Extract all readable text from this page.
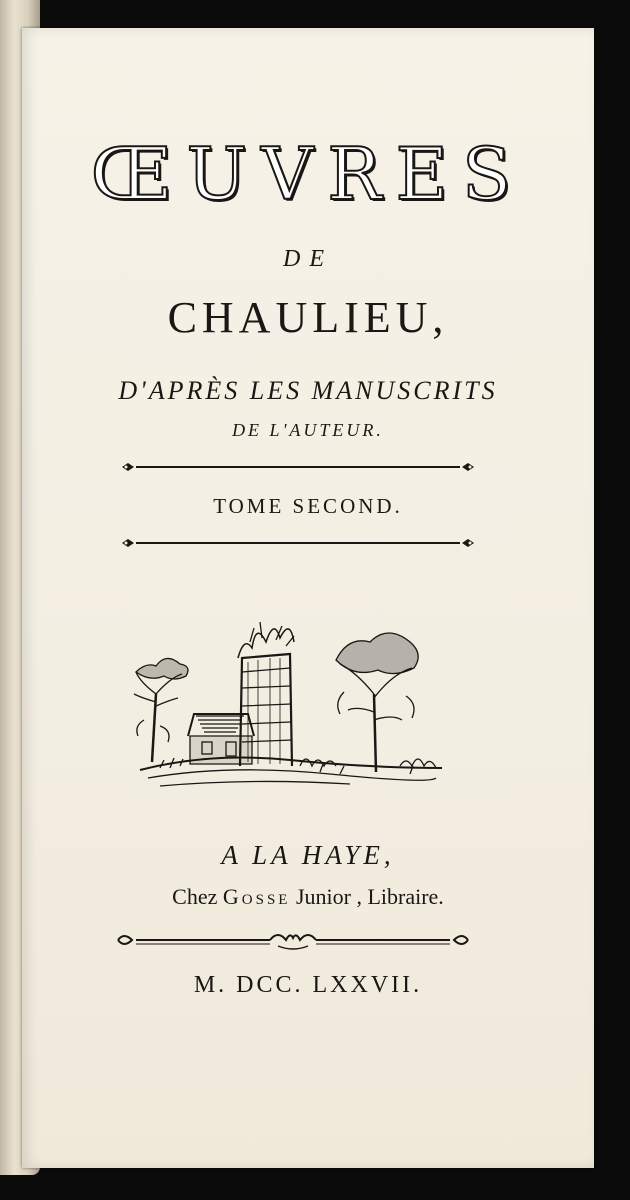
ŒUVRES
DE
CHAULIEU,
D'APRÈS LES MANUSCRITS
DE L'AUTEUR.
TOME SECOND.
A LA HAYE,
Chez Gosse Junior , Libraire.
M. DCC. LXXVII.
